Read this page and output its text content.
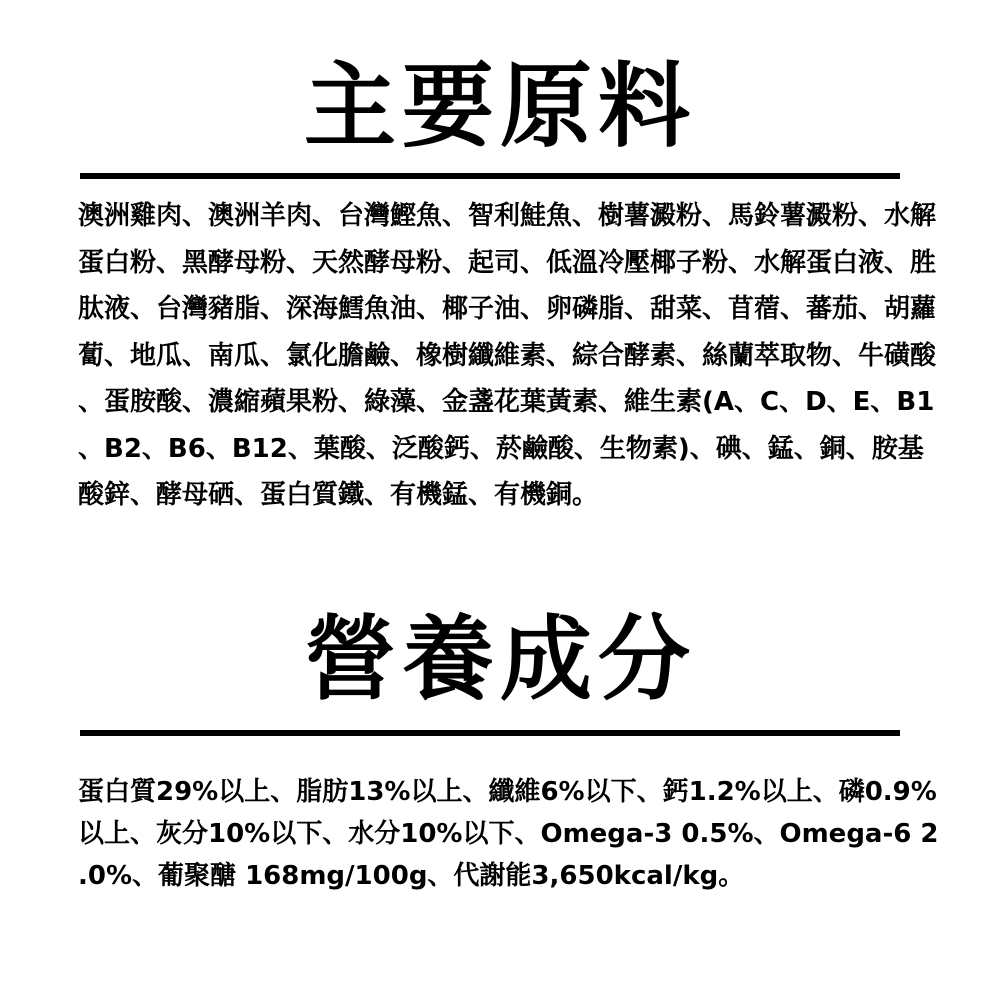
主要原料

澳洲雞肉、澳洲羊肉、台灣鰹魚、智利鮭魚、樹薯澱粉、馬鈴薯澱粉、水解蛋白粉、黑酵母粉、天然酵母粉、起司、低溫冷壓椰子粉、水解蛋白液、胜肽液、台灣豬脂、深海鱈魚油、椰子油、卵磷脂、甜菜、苜蓿、蕃茄、胡蘿蔔、地瓜、南瓜、氯化膽鹼、橡樹纖維素、綜合酵素、絲蘭萃取物、牛磺酸、蛋胺酸、濃縮蘋果粉、綠藻、金盞花葉黃素、維生素(A、C、D、E、B1、B2、B6、B12、葉酸、泛酸鈣、菸鹼酸、生物素)、碘、錳、銅、胺基酸鋅、酵母硒、蛋白質鐵、有機錳、有機銅。

營養成分

蛋白質29%以上、脂肪13%以上、纖維6%以下、鈣1.2%以上、磷0.9%以上、灰分10%以下、水分10%以下、Omega-3 0.5%、Omega-6 2.0%、葡聚醣 168mg/100g、代謝能3,650kcal/kg。
